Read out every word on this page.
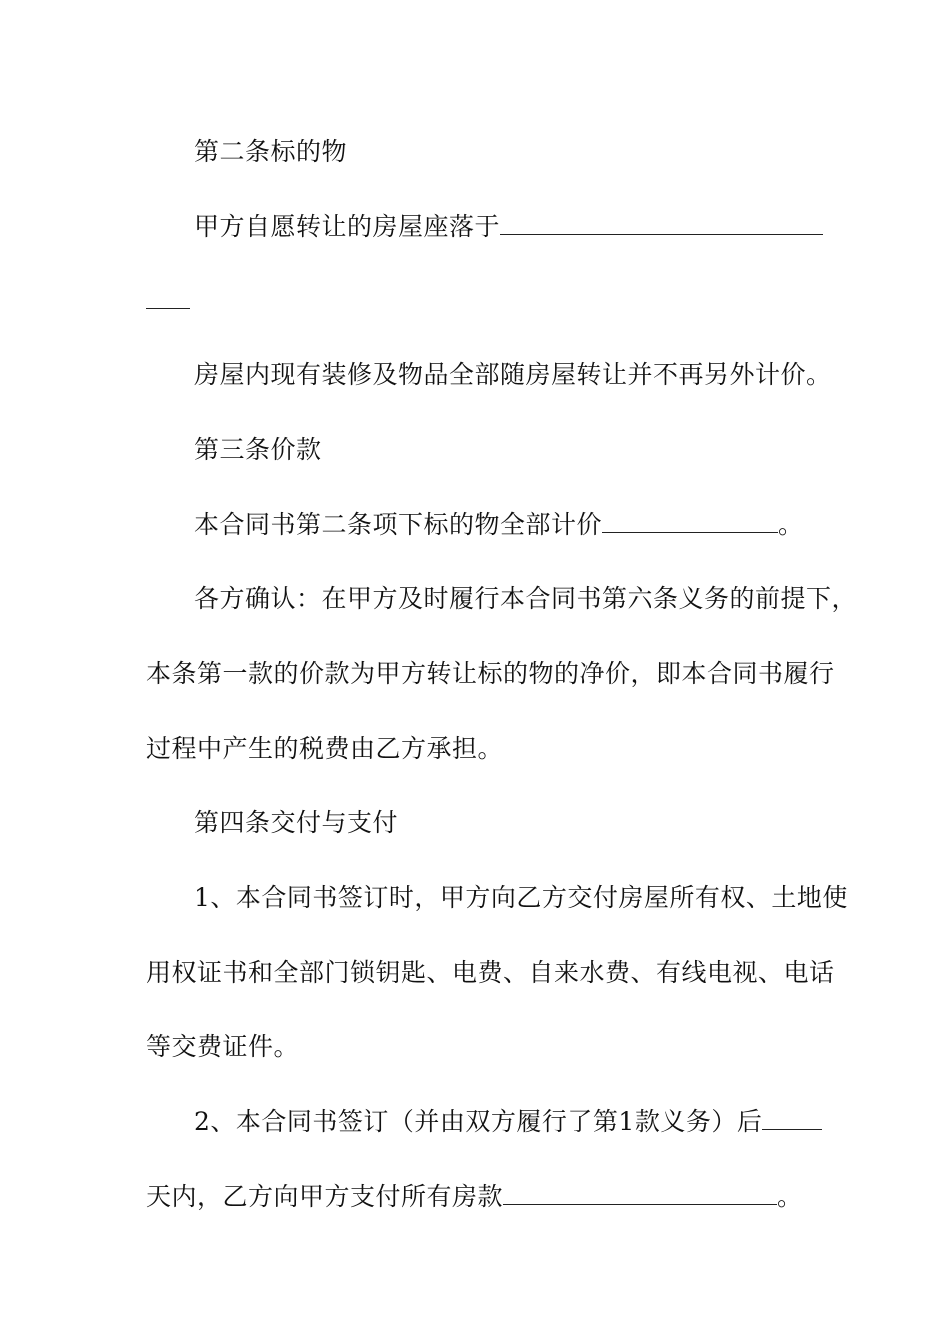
第二条标的物
甲方自愿转让的房屋座落于
房屋内现有装修及物品全部随房屋转让并不再另外计价。
第三条价款
本合同书第二条项下标的物全部计价	。
各方确认：在甲方及时履行本合同书第六条义务的前提下，
本条第一款的价款为甲方转让标的物的净价，即本合同书履行
过程中产生的税费由乙方承担。
第四条交付与支付
1、本合同书签订时，甲方向乙方交付房屋所有权、土地使
用权证书和全部门锁钥匙、电费、自来水费、有线电视、电话
等交费证件。
2、本合同书签订（并由双方履行了第1款义务）后
天内，乙方向甲方支付所有房款	。
